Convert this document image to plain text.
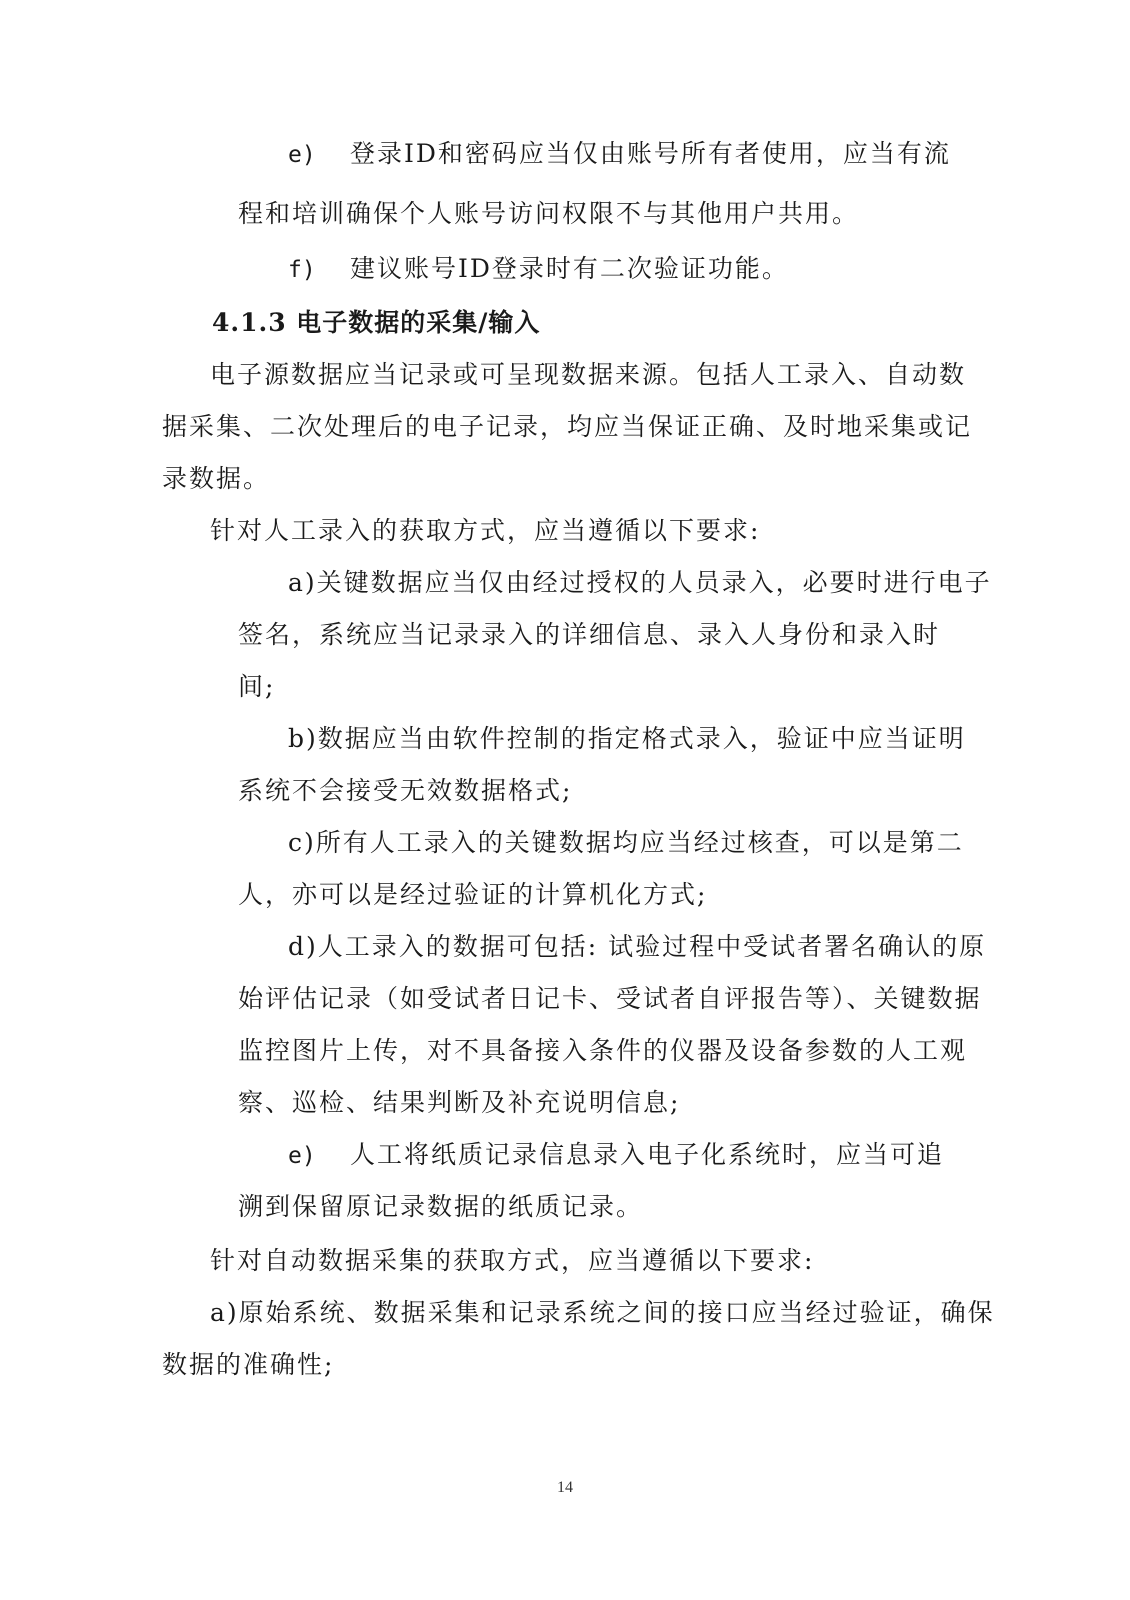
e) 登录ID和密码应当仅由账号所有者使用，应当有流
程和培训确保个人账号访问权限不与其他用户共用。
f) 建议账号ID登录时有二次验证功能。
4.1.3 电子数据的采集/输入
电子源数据应当记录或可呈现数据来源。包括人工录入、自动数
据采集、二次处理后的电子记录，均应当保证正确、及时地采集或记
录数据。
针对人工录入的获取方式，应当遵循以下要求:
a)关键数据应当仅由经过授权的人员录入，必要时进行电子
签名，系统应当记录录入的详细信息、录入人身份和录入时
间;
b)数据应当由软件控制的指定格式录入，验证中应当证明
系统不会接受无效数据格式;
c)所有人工录入的关键数据均应当经过核查，可以是第二
人，亦可以是经过验证的计算机化方式;
d)人工录入的数据可包括: 试验过程中受试者署名确认的原
始评估记录（如受试者日记卡、受试者自评报告等）、关键数据
监控图片上传，对不具备接入条件的仪器及设备参数的人工观
察、巡检、结果判断及补充说明信息;
e) 人工将纸质记录信息录入电子化系统时，应当可追
溯到保留原记录数据的纸质记录。
针对自动数据采集的获取方式，应当遵循以下要求:
a)原始系统、数据采集和记录系统之间的接口应当经过验证，确保
数据的准确性;
14
